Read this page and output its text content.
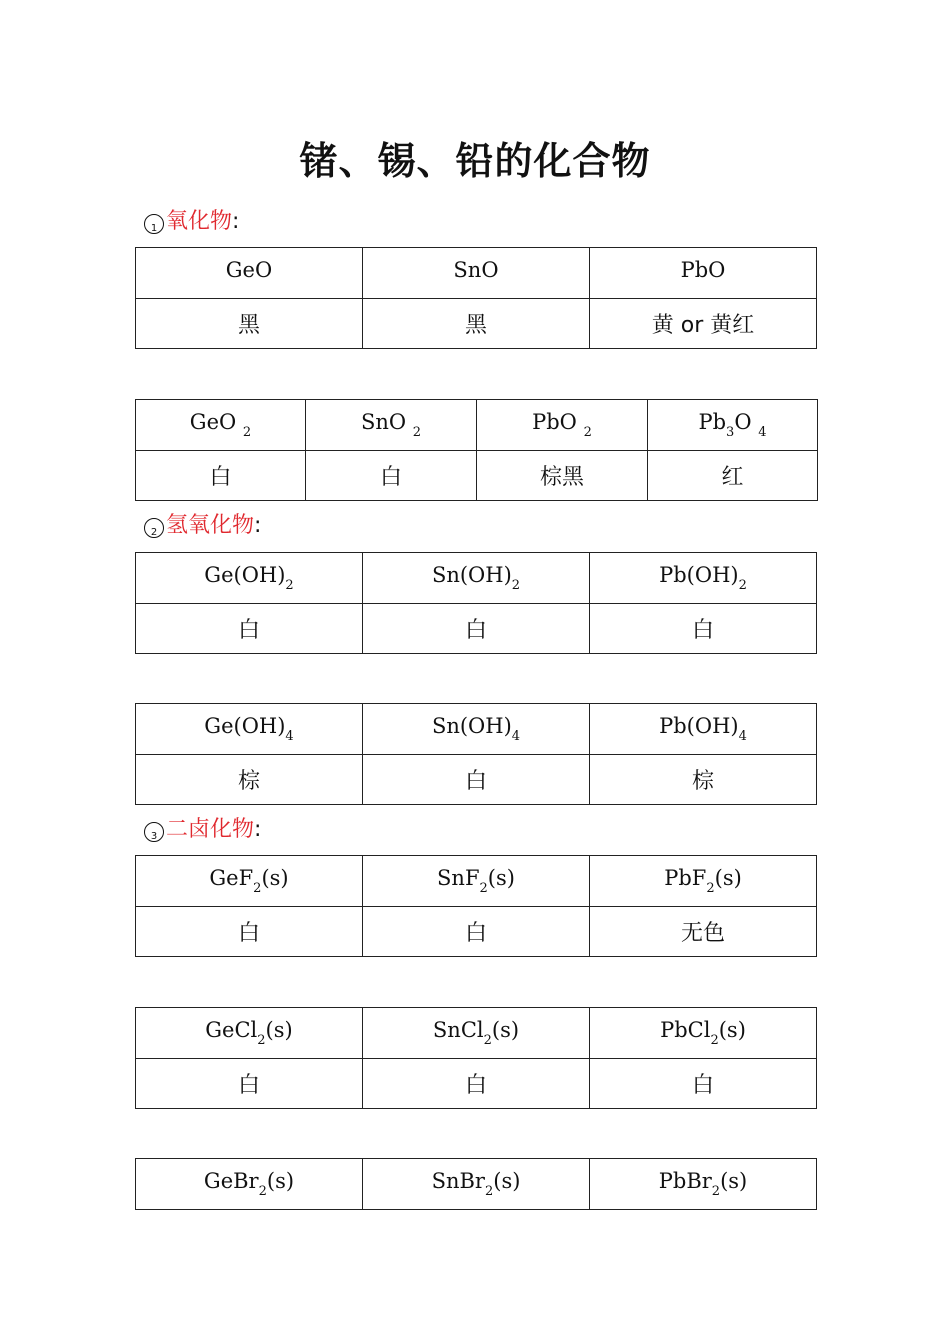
锗、锡、铅的化合物
1 氧化物:
GeO	SnO	PbO
黑	黑	黄 or 黄红
GeO $_2$	SnO $_2$	PbO $_2$	$Pb_3O$ $_4$
白	白	棕黑	红
2 氢氧化物:
$Ge(OH)_2$	$Sn(OH)_2$	$Pb(OH)_2$
白	白	白
$Ge(OH)_4$	$Sn(OH)_4$	$Pb(OH)_4$
棕	白	棕
3 二卤化物:
GeF$_2$(s)	SnF$_2$(s)	PbF$_2$(s)
白	白	无色
GeCl$_2$(s)	SnCl$_2$(s)	PbCl$_2$(s)
白	白	白
GeBr$_2$(s)	SnBr$_2$(s)	PbBr$_2$(s)
